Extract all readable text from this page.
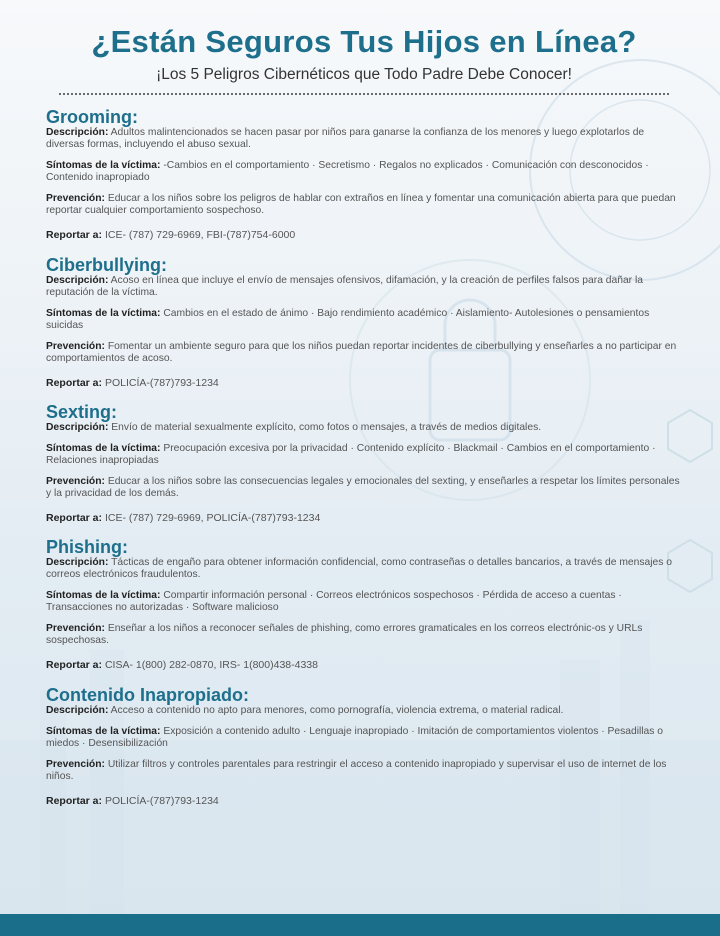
¿Están Seguros Tus Hijos en Línea?
¡Los 5 Peligros Cibernéticos que Todo Padre Debe Conocer!
Grooming:
Descripción: Adultos malintencionados se hacen pasar por niños para ganarse la confianza de los menores y luego explotarlos de diversas formas, incluyendo el abuso sexual.
Síntomas de la víctima: -Cambios en el comportamiento · Secretismo · Regalos no explicados · Comunicación con desconocidos · Contenido inapropiado
Prevención: Educar a los niños sobre los peligros de hablar con extraños en línea y fomentar una comunicación abierta para que puedan reportar cualquier comportamiento sospechoso.
Reportar a: ICE- (787) 729-6969, FBI-(787)754-6000
Ciberbullying:
Descripción: Acoso en línea que incluye el envío de mensajes ofensivos, difamación, y la creación de perfiles falsos para dañar la reputación de la víctima.
Síntomas de la víctima: Cambios en el estado de ánimo · Bajo rendimiento académico · Aislamiento- Autolesiones o pensamientos suicidas
Prevención: Fomentar un ambiente seguro para que los niños puedan reportar incidentes de ciberbullying y enseñarles a no participar en comportamientos de acoso.
Reportar a: POLICÍA-(787)793-1234
Sexting:
Descripción: Envío de material sexualmente explícito, como fotos o mensajes, a través de medios digitales.
Síntomas de la víctima: Preocupación excesiva por la privacidad · Contenido explícito · Blackmail · Cambios en el comportamiento · Relaciones inapropiadas
Prevención: Educar a los niños sobre las consecuencias legales y emocionales del sexting, y enseñarles a respetar los límites personales y la privacidad de los demás.
Reportar a: ICE- (787) 729-6969, POLICÍA-(787)793-1234
Phishing:
Descripción: Tácticas de engaño para obtener información confidencial, como contraseñas o detalles bancarios, a través de mensajes o correos electrónicos fraudulentos.
Síntomas de la víctima: Compartir información personal · Correos electrónicos sospechosos · Pérdida de acceso a cuentas · Transacciones no autorizadas · Software malicioso
Prevención: Enseñar a los niños a reconocer señales de phishing, como errores gramaticales en los correos electrónic-os y URLs sospechosas.
Reportar a: CISA- 1(800) 282-0870, IRS- 1(800)438-4338
Contenido Inapropiado:
Descripción: Acceso a contenido no apto para menores, como pornografía, violencia extrema, o material radical.
Síntomas de la víctima: Exposición a contenido adulto · Lenguaje inapropiado · Imitación de comportamientos violentos · Pesadillas o miedos · Desensibilización
Prevención: Utilizar filtros y controles parentales para restringir el acceso a contenido inapropiado y supervisar el uso de internet de los niños.
Reportar a: POLICÍA-(787)793-1234
